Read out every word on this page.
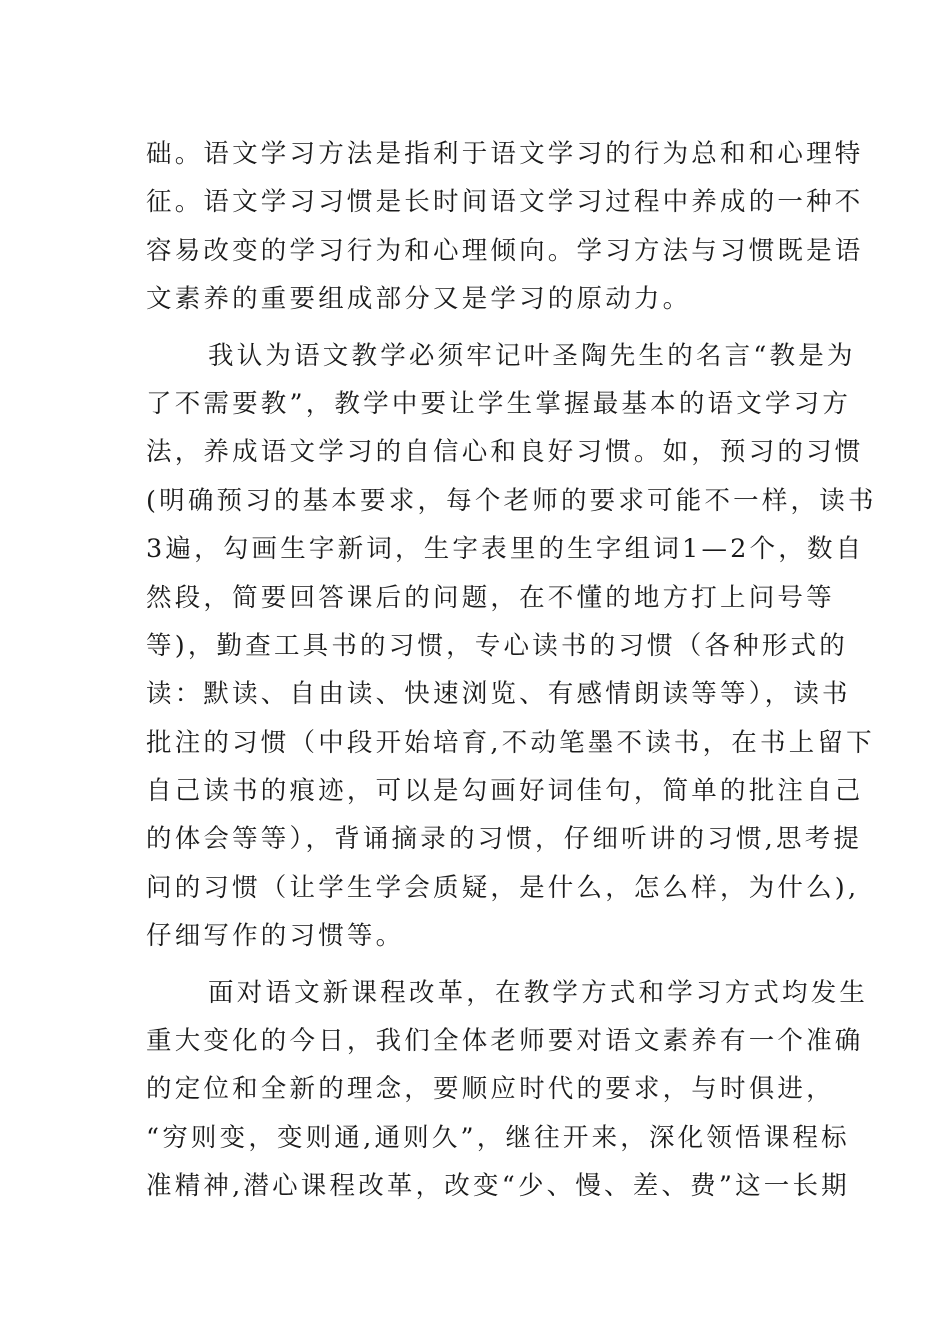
础。语文学习方法是指利于语文学习的行为总和和心理特
征。语文学习习惯是长时间语文学习过程中养成的一种不
容易改变的学习行为和心理倾向。学习方法与习惯既是语
文素养的重要组成部分又是学习的原动力。
我认为语文教学必须牢记叶圣陶先生的名言“教是为
了不需要教”，教学中要让学生掌握最基本的语文学习方
法，养成语文学习的自信心和良好习惯。如，预习的习惯
(明确预习的基本要求，每个老师的要求可能不一样，读书
3遍，勾画生字新词，生字表里的生字组词1—2个，数自
然段，简要回答课后的问题，在不懂的地方打上问号等
等)，勤查工具书的习惯，专心读书的习惯（各种形式的
读：默读、自由读、快速浏览、有感情朗读等等），读书
批注的习惯（中段开始培育,不动笔墨不读书，在书上留下
自己读书的痕迹，可以是勾画好词佳句，简单的批注自己
的体会等等），背诵摘录的习惯，仔细听讲的习惯,思考提
问的习惯（让学生学会质疑，是什么，怎么样，为什么),
仔细写作的习惯等。
面对语文新课程改革，在教学方式和学习方式均发生
重大变化的今日，我们全体老师要对语文素养有一个准确
的定位和全新的理念，要顺应时代的要求，与时俱进，
“穷则变，变则通,通则久”，继往开来，深化领悟课程标
准精神,潜心课程改革，改变“少、慢、差、费”这一长期
